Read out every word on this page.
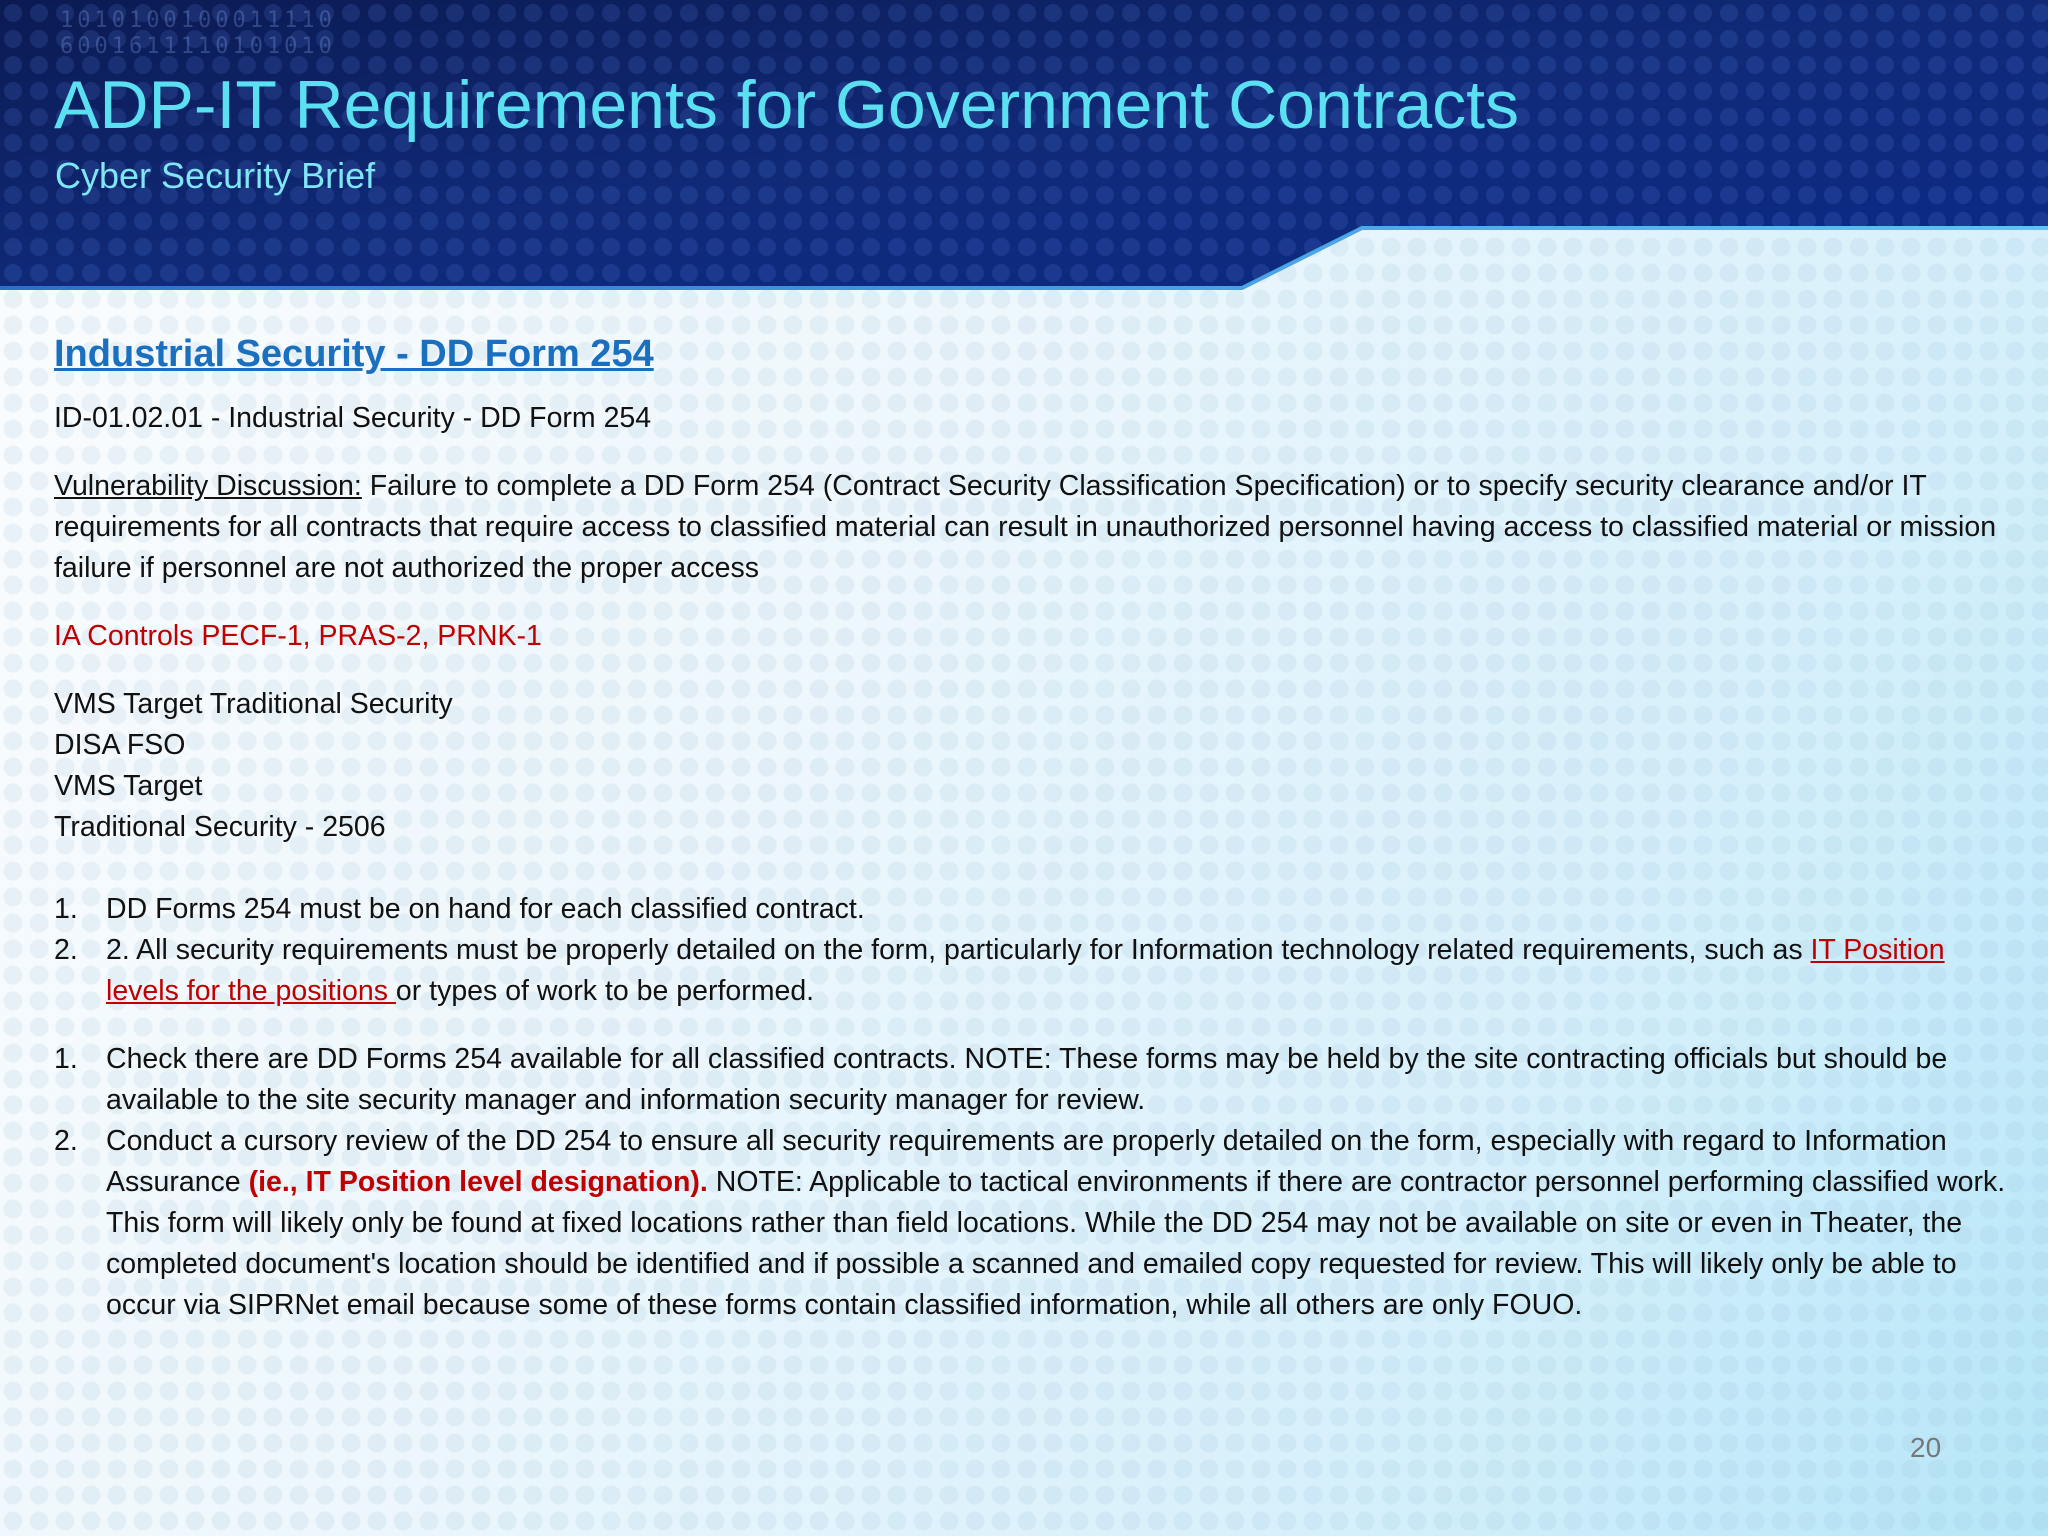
1010100100011110
6001611110101010
ADP-IT Requirements for Government Contracts
Cyber Security Brief
Industrial Security - DD Form 254
ID-01.02.01 - Industrial Security - DD Form 254
Vulnerability Discussion: Failure to complete a DD Form 254 (Contract Security Classification Specification) or to specify security clearance and/or IT requirements for all contracts that require access to classified material can result in unauthorized personnel having access to classified material or mission failure if personnel are not authorized the proper access
IA Controls PECF-1, PRAS-2, PRNK-1
VMS Target Traditional Security
DISA FSO
VMS Target
Traditional Security - 2506
1. DD Forms 254 must be on hand for each classified contract.
2. 2. All security requirements must be properly detailed on the form, particularly for Information technology related requirements, such as IT Position levels for the positions or types of work to be performed.
1. Check there are DD Forms 254 available for all classified contracts. NOTE: These forms may be held by the site contracting officials but should be available to the site security manager and information security manager for review.
2. Conduct a cursory review of the DD 254 to ensure all security requirements are properly detailed on the form, especially with regard to Information Assurance (ie., IT Position level designation). NOTE: Applicable to tactical environments if there are contractor personnel performing classified work. This form will likely only be found at fixed locations rather than field locations. While the DD 254 may not be available on site or even in Theater, the completed document's location should be identified and if possible a scanned and emailed copy requested for review. This will likely only be able to occur via SIPRNet email because some of these forms contain classified information, while all others are only FOUO.
20
